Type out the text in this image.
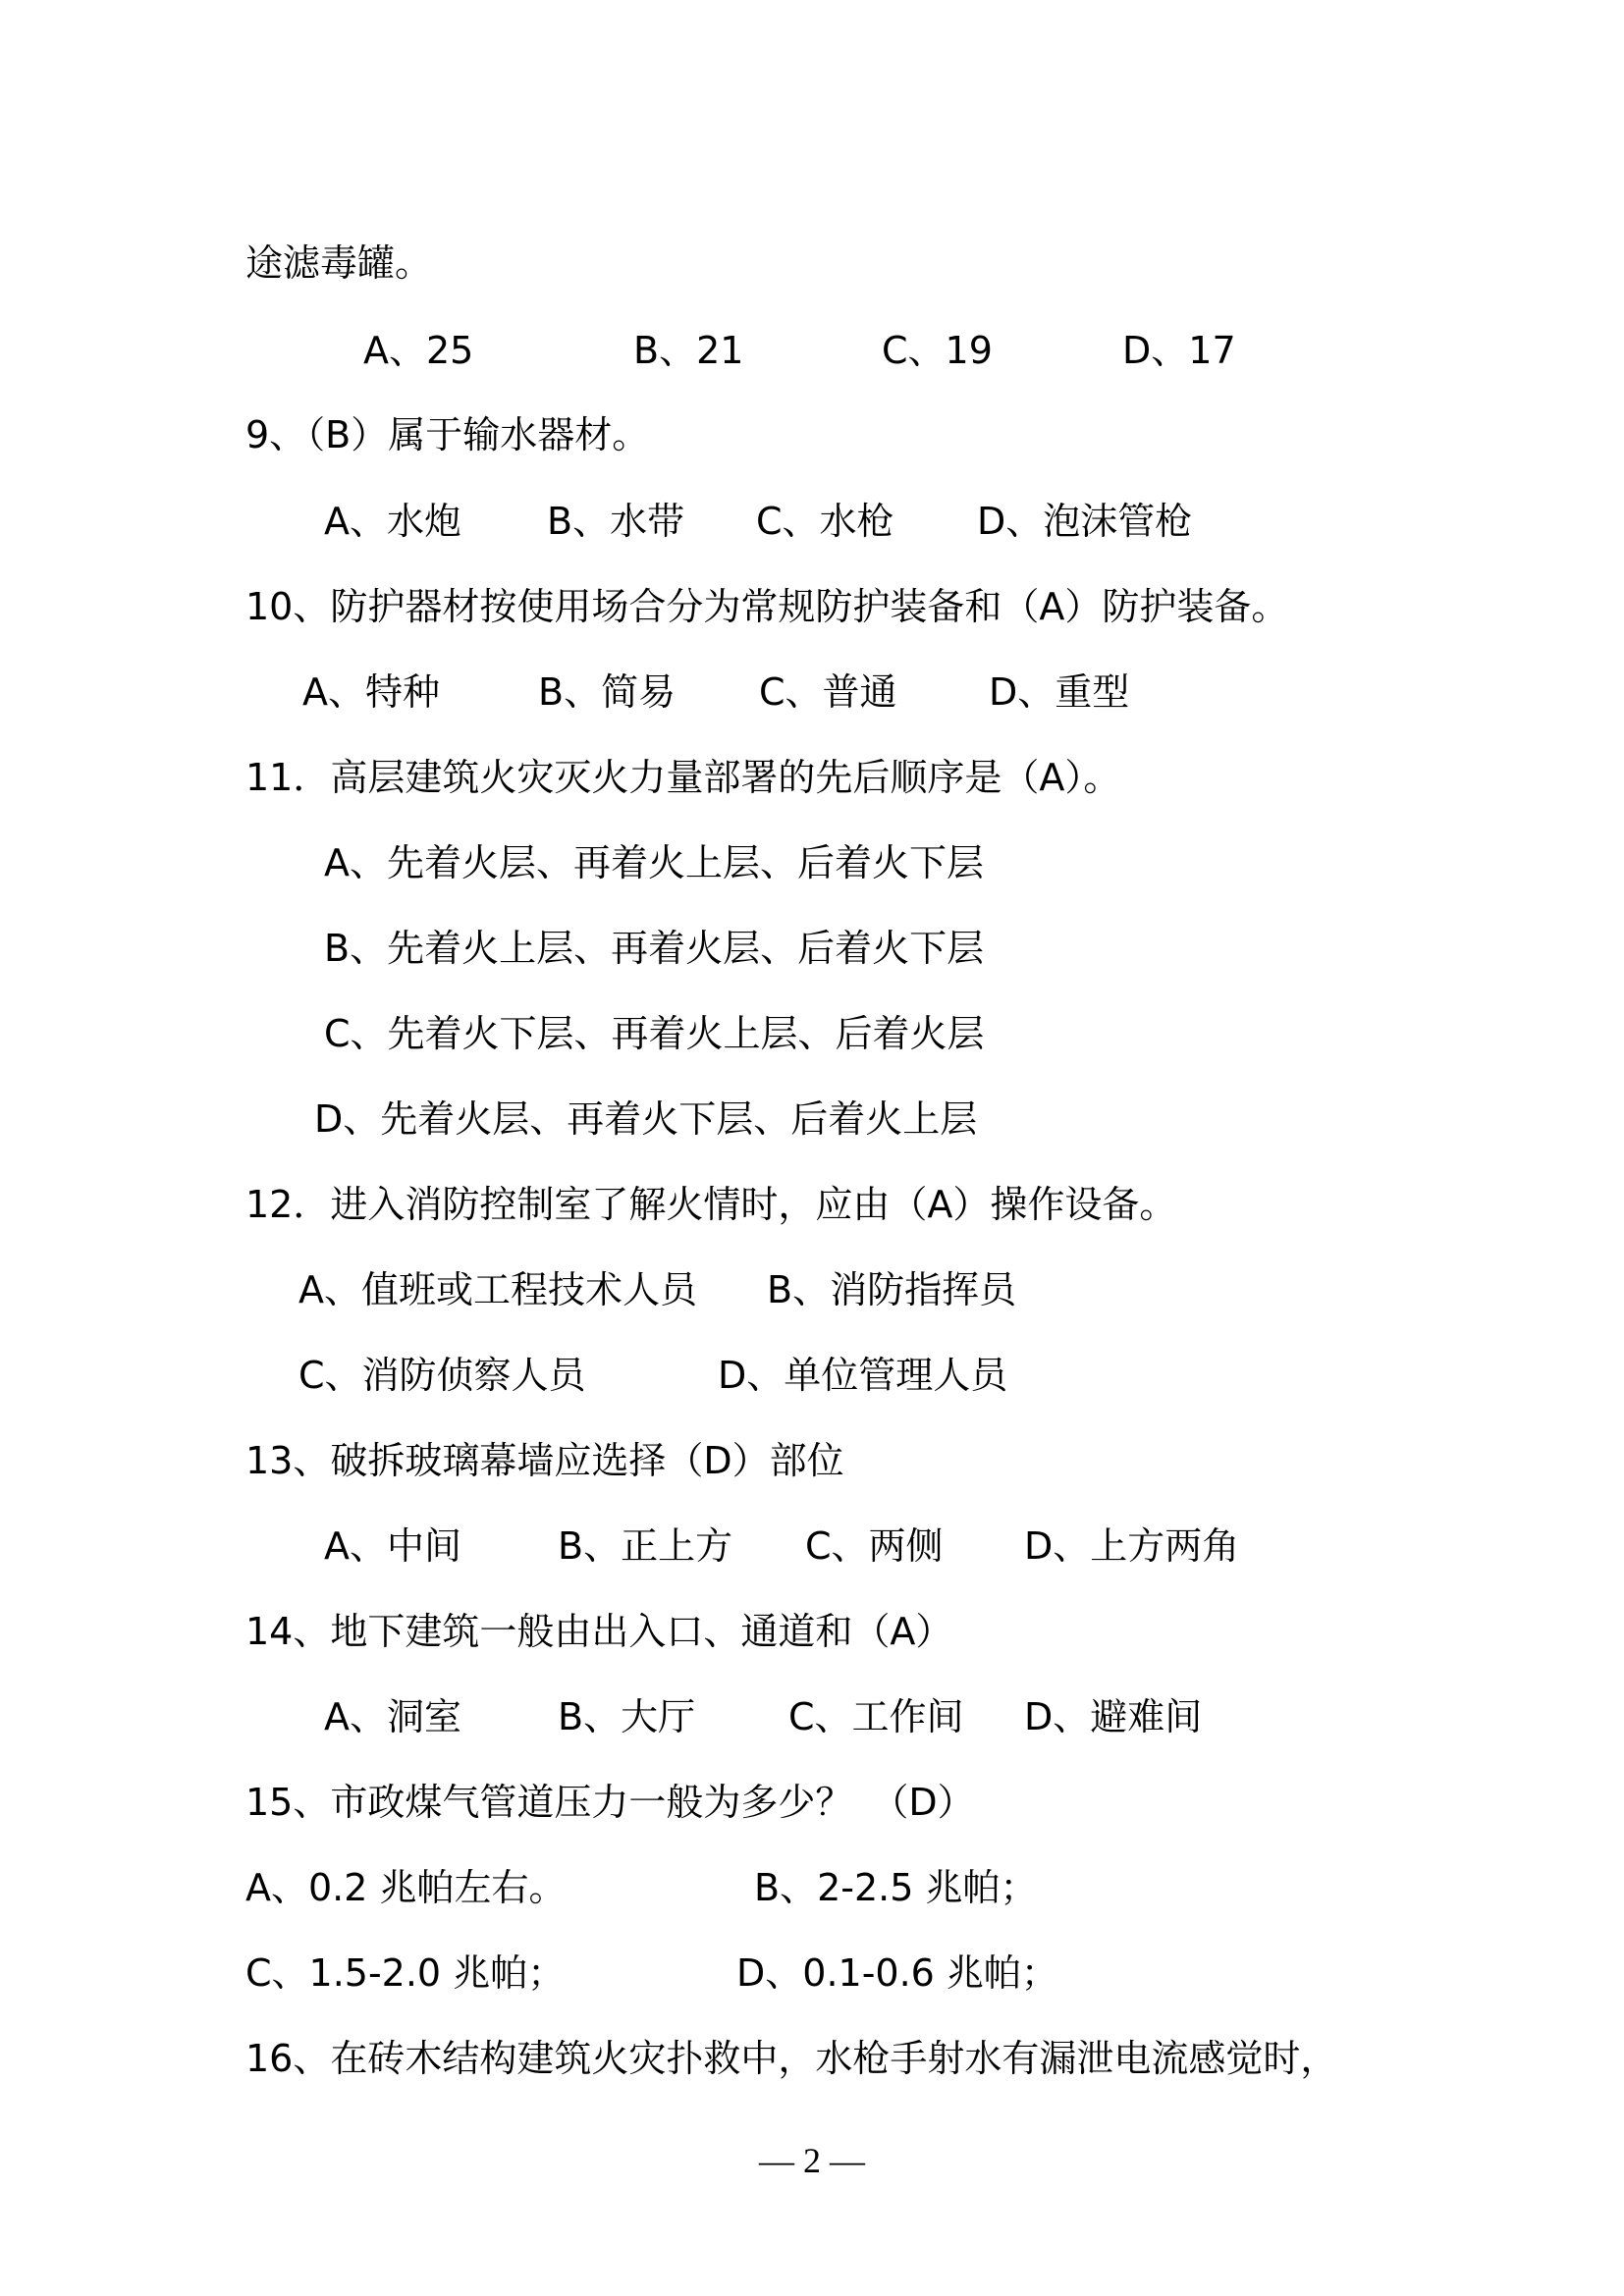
途滤毒罐。
A、25	B、21	C、19	D、17
9、（B）属于输水器材。
A、水炮 B、水带 C、水枪 D、泡沫管枪
10、防护器材按使用场合分为常规防护装备和（A）防护装备。
A、特种	B、简易 C、普通 D、重型
11．高层建筑火灾灭火力量部署的先后顺序是（A）。
A、先着火层、再着火上层、后着火下层
B、先着火上层、再着火层、后着火下层
C、先着火下层、再着火上层、后着火层
D、先着火层、再着火下层、后着火上层
12．进入消防控制室了解火情时，应由（A）操作设备。
A、值班或工程技术人员 B、消防指挥员
C、消防侦察人员	D、单位管理人员
13、破拆玻璃幕墙应选择（D）部位
A、中间	B、正上方 C、两侧 D、上方两角
14、地下建筑一般由出入口、通道和（A）
A、洞室	B、大厅 C、工作间 D、避难间
15、市政煤气管道压力一般为多少？　（D）
A、0.2 兆帕左右。	B、2-2.5 兆帕；
C、1.5-2.0 兆帕；	D、0.1-0.6 兆帕；
16、在砖木结构建筑火灾扑救中，水枪手射水有漏泄电流感觉时，
— 2 —
